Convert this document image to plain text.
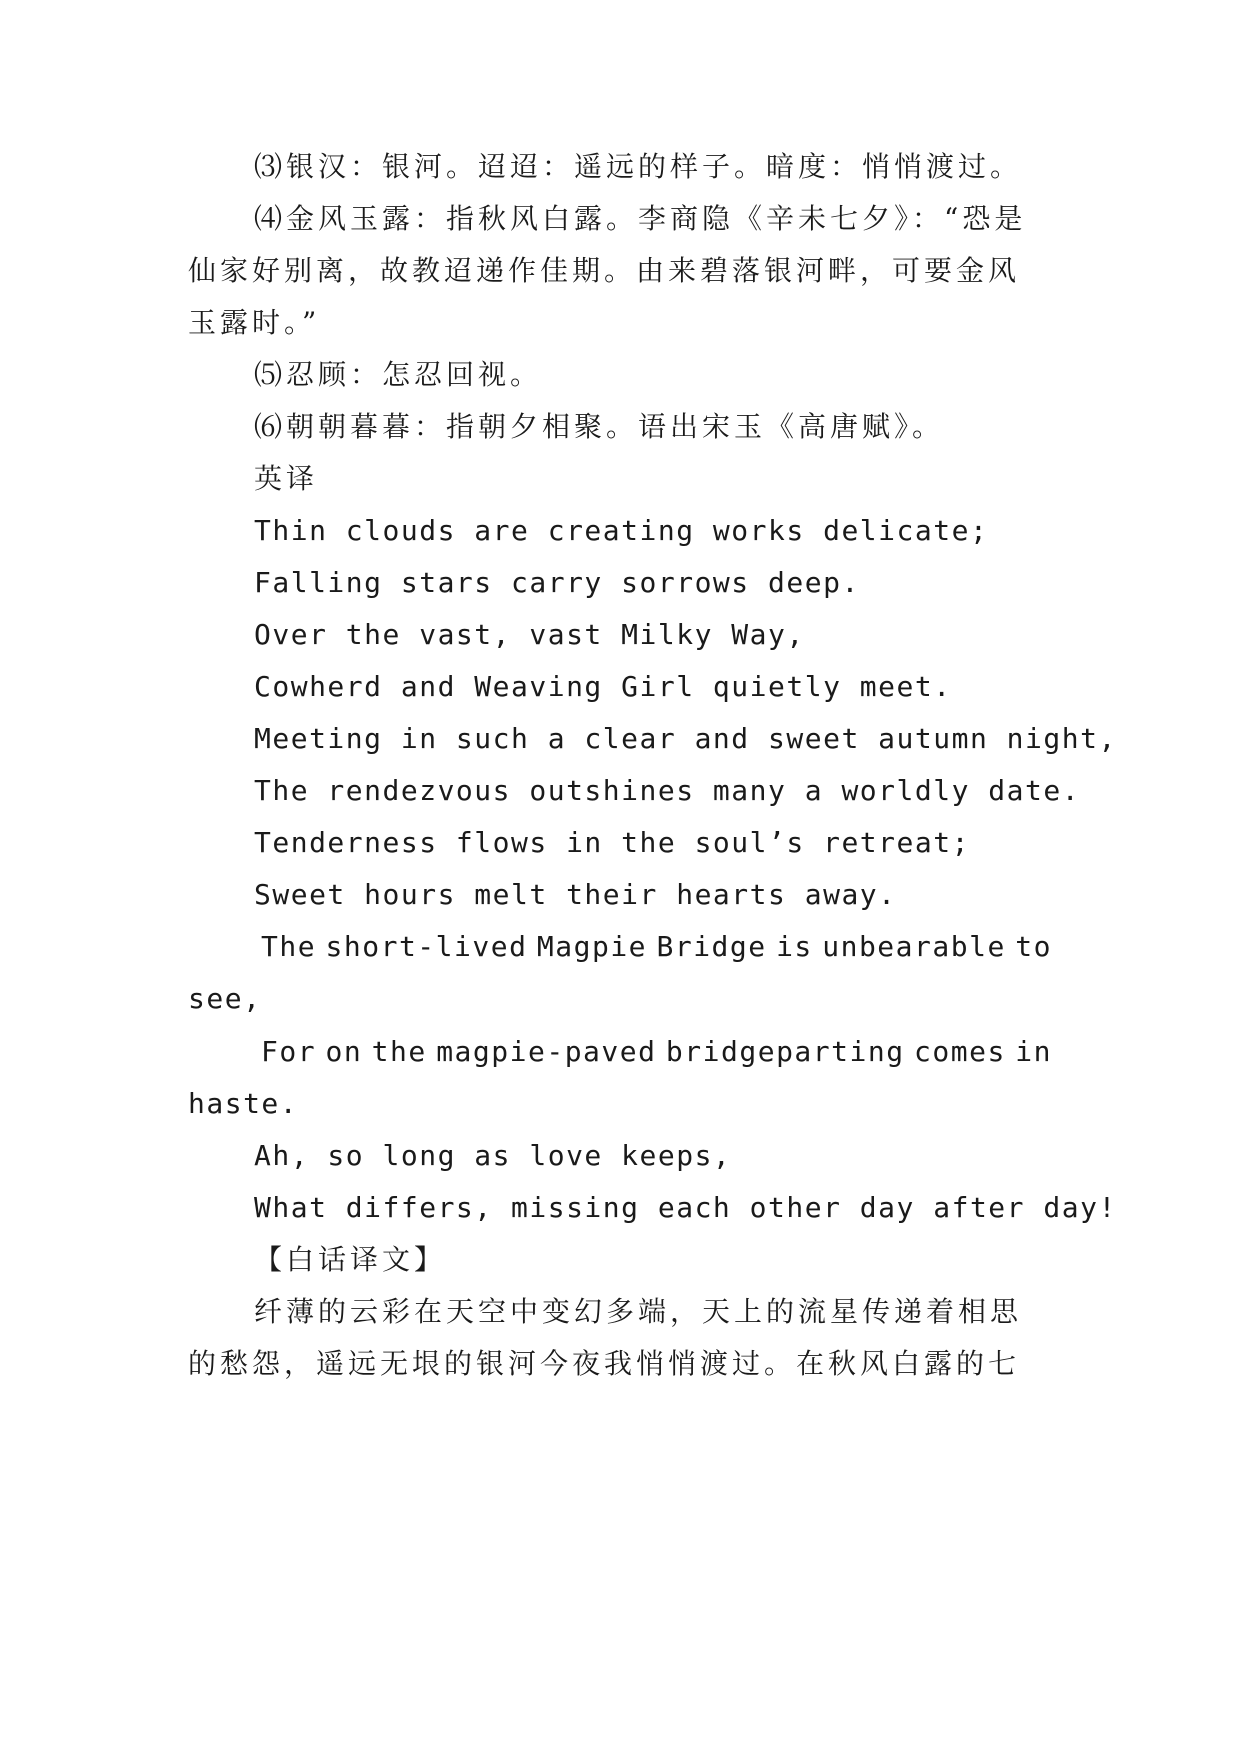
⑶银汉：银河。迢迢：遥远的样子。暗度：悄悄渡过。
⑷金风玉露：指秋风白露。李商隐《辛未七夕》：“恐是
仙家好别离，故教迢递作佳期。由来碧落银河畔，可要金风
玉露时。”
⑸忍顾：怎忍回视。
⑹朝朝暮暮：指朝夕相聚。语出宋玉《高唐赋》。
英译
Thin clouds are creating works delicate;
Falling stars carry sorrows deep.
Over the vast, vast Milky Way,
Cowherd and Weaving Girl quietly meet.
Meeting in such a clear and sweet autumn night,
The rendezvous outshines many a worldly date.
Tenderness flows in the soul’s retreat;
Sweet hours melt their hearts away.
The short-lived Magpie Bridge is unbearable to
see,
For on the magpie-paved bridgeparting comes in
haste.
Ah, so long as love keeps,
What differs, missing each other day after day!
【白话译文】
纤薄的云彩在天空中变幻多端，天上的流星传递着相思
的愁怨，遥远无垠的银河今夜我悄悄渡过。在秋风白露的七
